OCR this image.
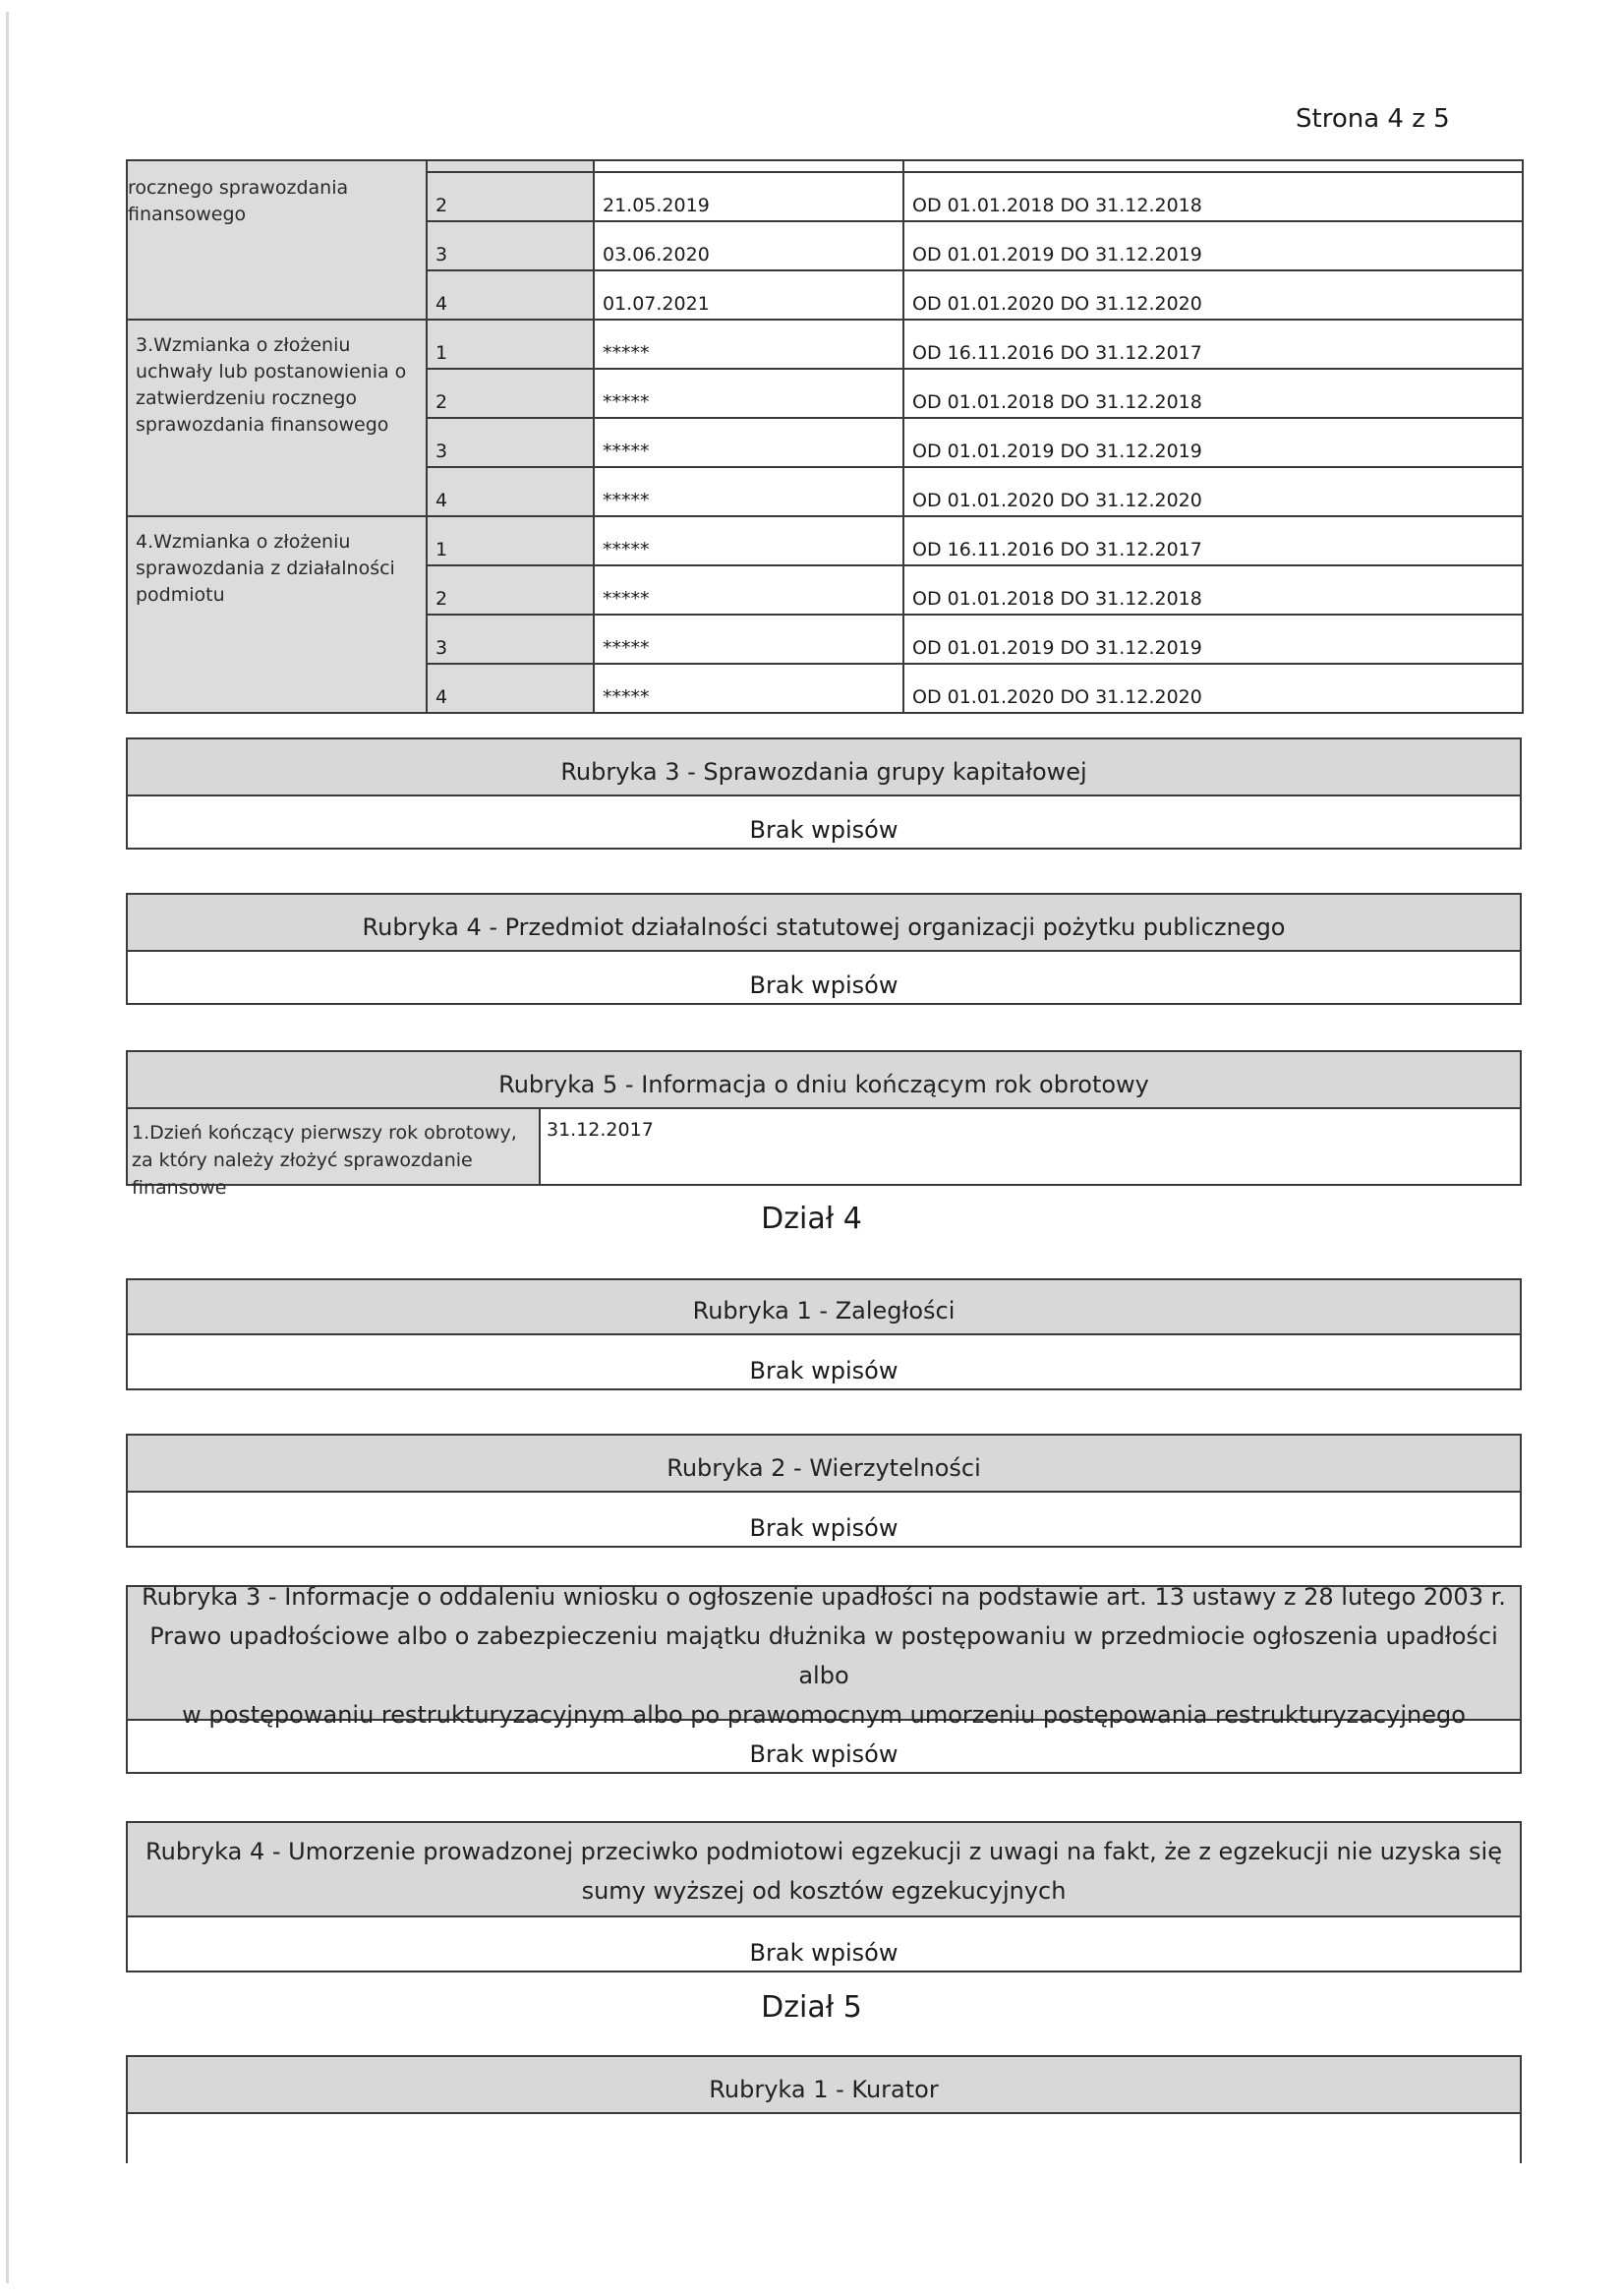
Strona 4 z 5
rocznego sprawozdania finansowego			
	2	21.05.2019	OD 01.01.2018 DO 31.12.2018
	3	03.06.2020	OD 01.01.2019 DO 31.12.2019
	4	01.07.2021	OD 01.01.2020 DO 31.12.2020
3.Wzmianka o złożeniu uchwały lub postanowienia o zatwierdzeniu rocznego sprawozdania finansowego	1	*****	OD 16.11.2016 DO 31.12.2017
	2	*****	OD 01.01.2018 DO 31.12.2018
	3	*****	OD 01.01.2019 DO 31.12.2019
	4	*****	OD 01.01.2020 DO 31.12.2020
4.Wzmianka o złożeniu sprawozdania z działalności podmiotu	1	*****	OD 16.11.2016 DO 31.12.2017
	2	*****	OD 01.01.2018 DO 31.12.2018
	3	*****	OD 01.01.2019 DO 31.12.2019
	4	*****	OD 01.01.2020 DO 31.12.2020
Rubryka 3 - Sprawozdania grupy kapitałowej
Brak wpisów
Rubryka 4 - Przedmiot działalności statutowej organizacji pożytku publicznego
Brak wpisów
Rubryka 5 - Informacja o dniu kończącym rok obrotowy
1.Dzień kończący pierwszy rok obrotowy, za który należy złożyć sprawozdanie finansowe
31.12.2017
Dział 4
Rubryka 1 - Zaległości
Brak wpisów
Rubryka 2 - Wierzytelności
Brak wpisów
Rubryka 3 - Informacje o oddaleniu wniosku o ogłoszenie upadłości na podstawie art. 13 ustawy z 28 lutego 2003 r.
Prawo upadłościowe albo o zabezpieczeniu majątku dłużnika w postępowaniu w przedmiocie ogłoszenia upadłości albo
w postępowaniu restrukturyzacyjnym albo po prawomocnym umorzeniu postępowania restrukturyzacyjnego
Brak wpisów
Rubryka 4 - Umorzenie prowadzonej przeciwko podmiotowi egzekucji z uwagi na fakt, że z egzekucji nie uzyska się
sumy wyższej od kosztów egzekucyjnych
Brak wpisów
Dział 5
Rubryka 1 - Kurator
